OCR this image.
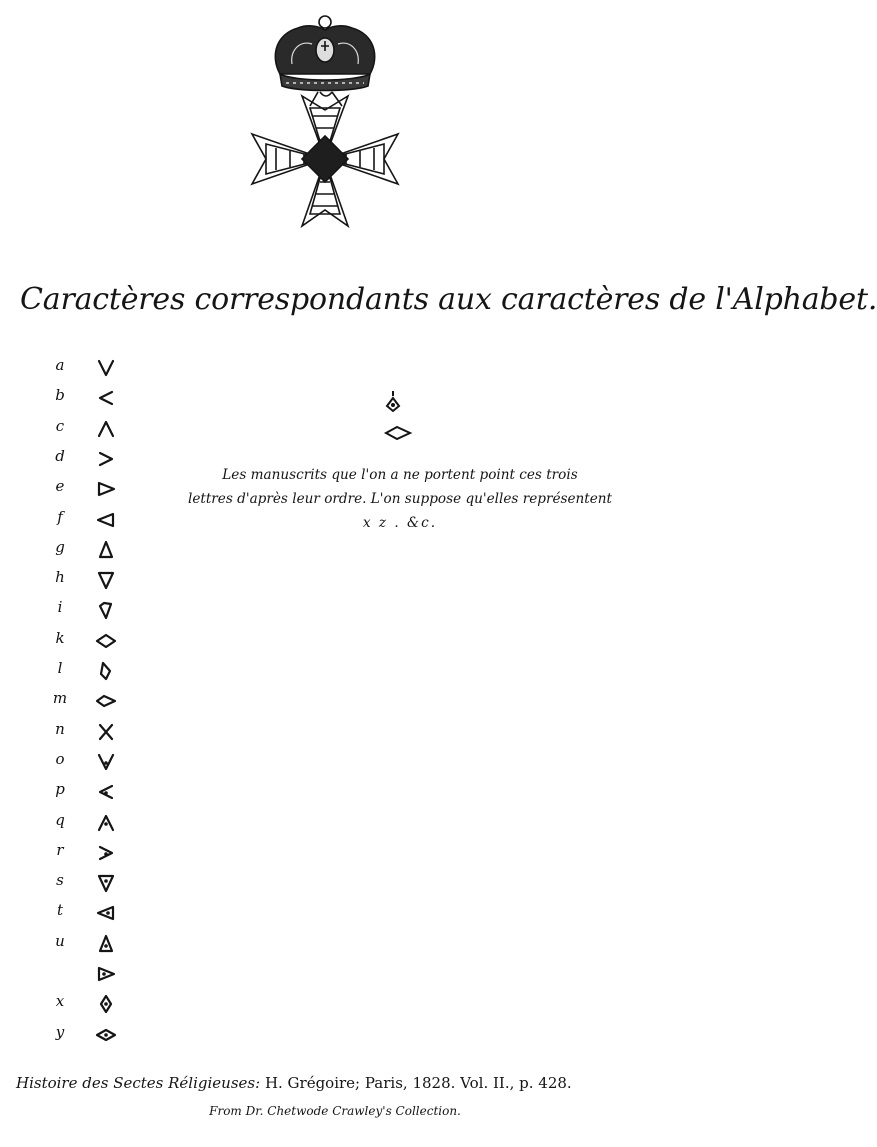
Caractères correspondants aux caractères de l'Alphabet.
a
b
c
d
e
f
g
h
i
k
l
m
n
o
p
q
r
s
t
u
x
y
Les manuscrits que l'on a ne portent point ces trois
lettres d'après leur ordre. L'on suppose qu'elles représentent
x z . &c.
Histoire des Sectes Réligieuses: H. Grégoire; Paris, 1828. Vol. II., p. 428.
From Dr. Chetwode Crawley's Collection.
